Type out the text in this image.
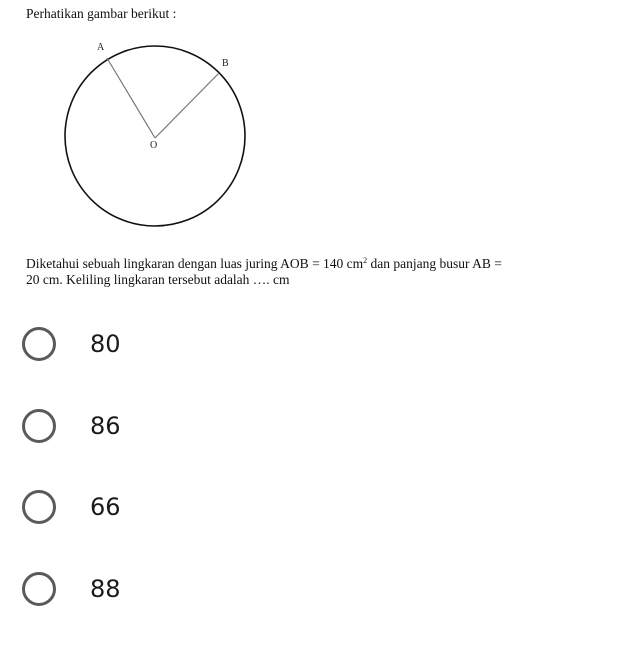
Perhatikan gambar berikut :

A
B
O

Diketahui sebuah lingkaran dengan luas juring AOB = 140 $cm^2$ dan panjang busur AB =
20 cm. Keliling lingkaran tersebut adalah …. cm

80
86
66
88
